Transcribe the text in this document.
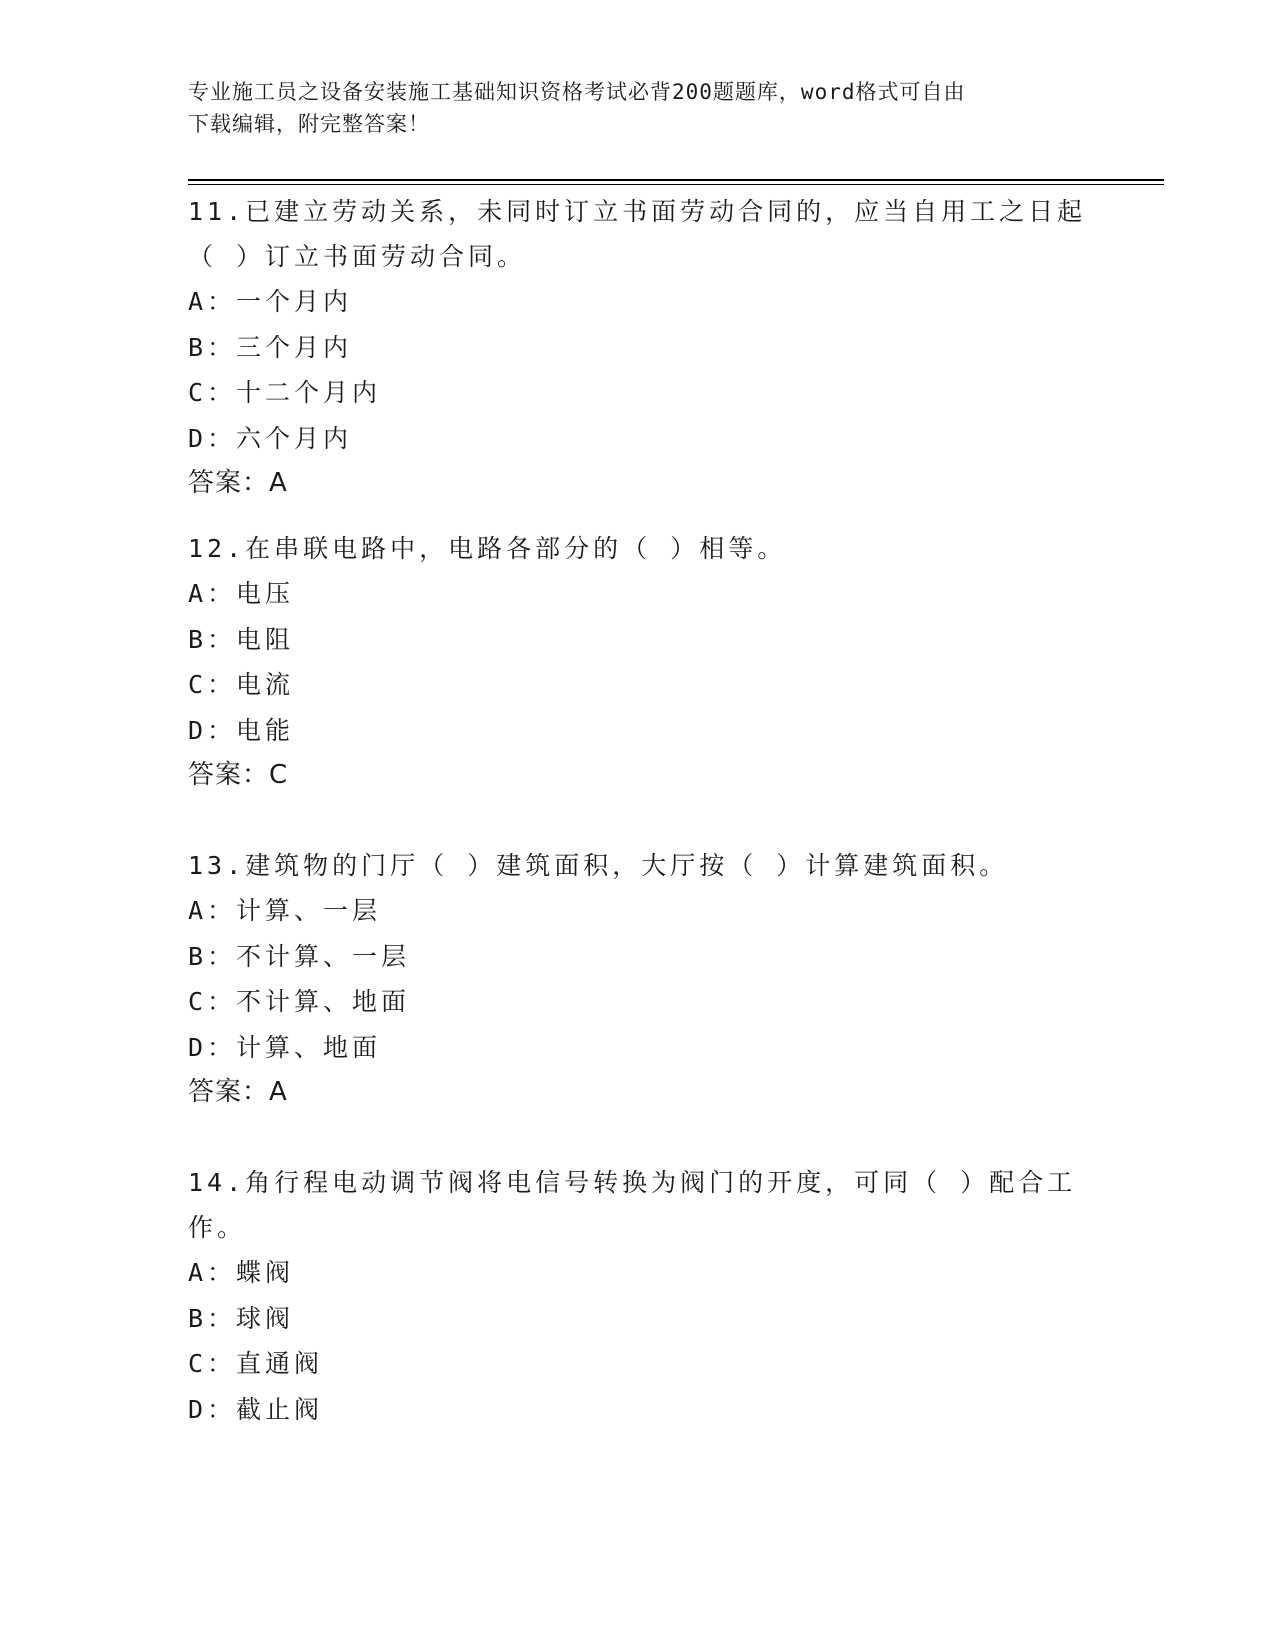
专业施工员之设备安装施工基础知识资格考试必背200题题库，word格式可自由
下载编辑，附完整答案！
11.已建立劳动关系，未同时订立书面劳动合同的，应当自用工之日起
（ ）订立书面劳动合同。
A：一个月内
B：三个月内
C：十二个月内
D：六个月内
答案：A
12.在串联电路中，电路各部分的（ ）相等。
A：电压
B：电阻
C：电流
D：电能
答案：C
13.建筑物的门厅（ ）建筑面积，大厅按（ ）计算建筑面积。
A：计算、一层
B：不计算、一层
C：不计算、地面
D：计算、地面
答案：A
14.角行程电动调节阀将电信号转换为阀门的开度，可同（ ）配合工
作。
A：蝶阀
B：球阀
C：直通阀
D：截止阀
